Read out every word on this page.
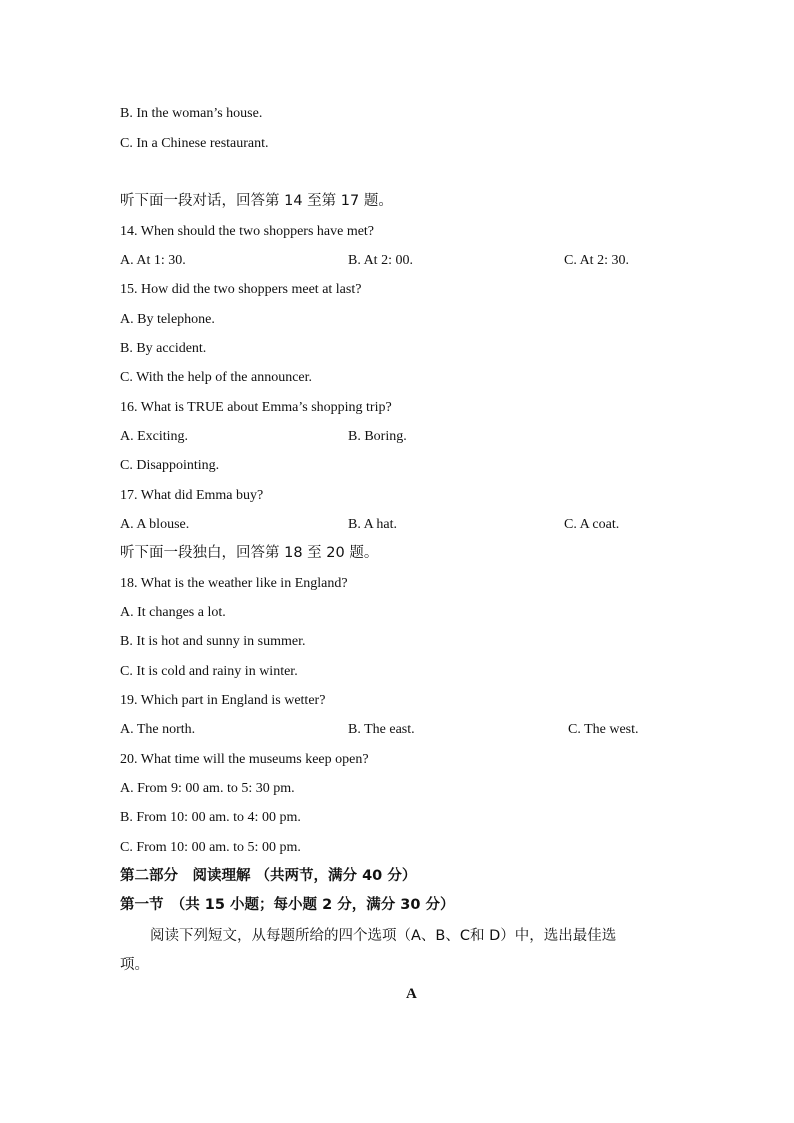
B. In the woman’s house.
C. In a Chinese restaurant.
听下面一段对话，回答第 14 至第 17 题。
14. When should the two shoppers have met?
A. At 1: 30.	B. At 2: 00.	C. At 2: 30.
15. How did the two shoppers meet at last?
A. By telephone.
B. By accident.
C. With the help of the announcer.
16. What is TRUE about Emma’s shopping trip?
A. Exciting.	B. Boring.
C. Disappointing.
17. What did Emma buy?
A. A blouse.	B. A hat.	C. A coat.
听下面一段独白，回答第 18 至 20 题。
18. What is the weather like in England?
A. It changes a lot.
B. It is hot and sunny in summer.
C. It is cold and rainy in winter.
19. Which part in England is wetter?
A. The north.	B. The east.	C. The west.
20. What time will the museums keep open?
A. From 9: 00 am. to 5: 30 pm.
B. From 10: 00 am. to 4: 00 pm.
C. From 10: 00 am. to 5: 00 pm.
第二部分　阅读理解 （共两节，满分 40 分）
第一节　（共 15 小题；每小题 2 分，满分 30 分）
阅读下列短文，从每题所给的四个选项（A、B、C和 D）中，选出最佳选
项。
A
